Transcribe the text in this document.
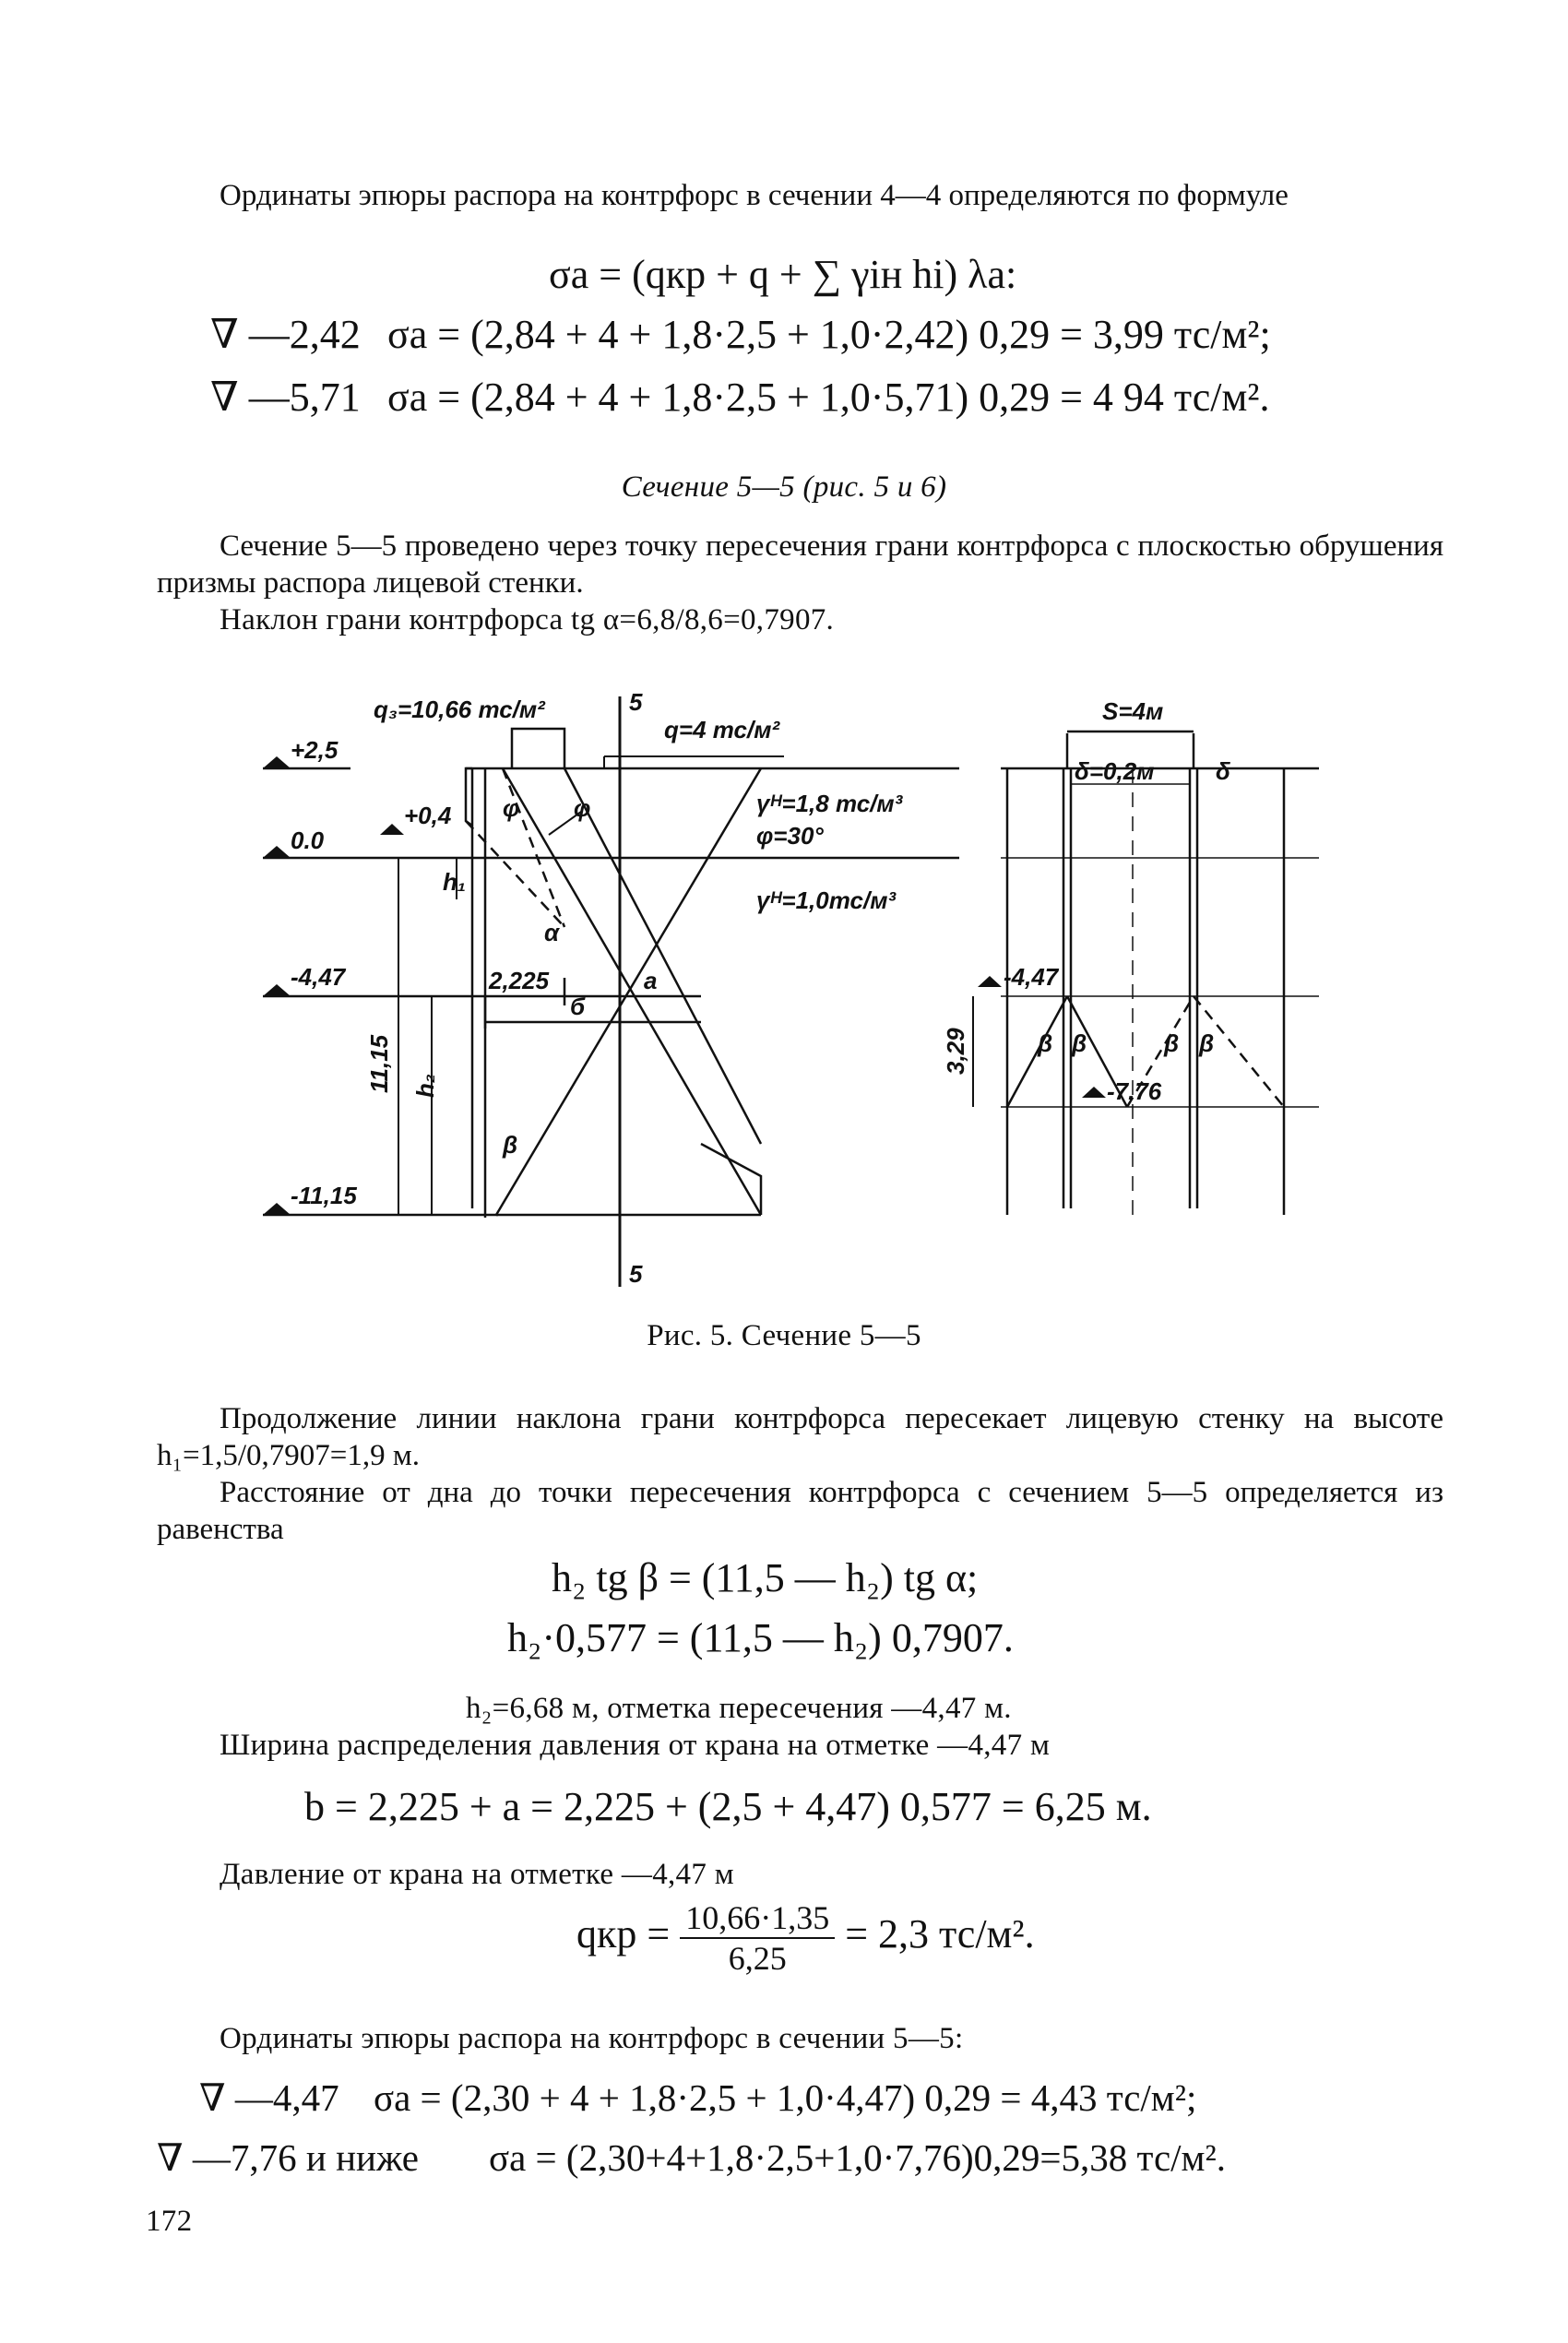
Ординаты эпюры распора на контрфорс в сечении 4—4 определяются по формуле
σa = (qкр + q + ∑ γiн hi) λa:
∇ —2,42 σa = (2,84 + 4 + 1,8·2,5 + 1,0·2,42) 0,29 = 3,99 тс/м²;
∇ —5,71 σa = (2,84 + 4 + 1,8·2,5 + 1,0·5,71) 0,29 = 4 94 тс/м².
Сечение 5—5 (рис. 5 и 6)
Сечение 5—5 проведено через точку пересечения грани контрфорса с плоскостью обрушения призмы распора лицевой стенки.
Наклон грани контрфорса tg α=6,8/8,6=0,7907.
q₃=10,66 тс/м²
q=4 тс/м²
5
5
+2,5
0.0
+0,4
-4,47
-11,15
h₁
h₂
11,15
2,225	a
б
φ φ
α
β
γᴴ=1,8 тс/м³
φ=30°
γᴴ=1,0тс/м³
S=4м
δ=0,2м	δ
-4,47
-7,76
3,29	β β	β β
Рис. 5. Сечение 5—5
Продолжение линии наклона грани контрфорса пересекает лицевую стенку на высоте h₁=1,5/0,7907=1,9 м.
Расстояние от дна до точки пересечения контрфорса с сечением 5—5 определяется из равенства
h₂ tg β = (11,5 — h₂) tg α;
h₂·0,577 = (11,5 — h₂) 0,7907.
h₂=6,68 м, отметка пересечения —4,47 м.
Ширина распределения давления от крана на отметке —4,47 м
b = 2,225 + a = 2,225 + (2,5 + 4,47) 0,577 = 6,25 м.
Давление от крана на отметке —4,47 м
qкр = $\frac{10,66\cdot 1,35}{6,25} = 2,3$ тс/м².
Ординаты эпюры распора на контрфорс в сечении 5—5:
∇ —4,47 σa = (2,30 + 4 + 1,8·2,5 + 1,0·4,47) 0,29 = 4,43 тс/м²;
∇ —7,76 и ниже σa = (2,30+4+1,8·2,5+1,0·7,76)0,29=5,38 тс/м².
172
